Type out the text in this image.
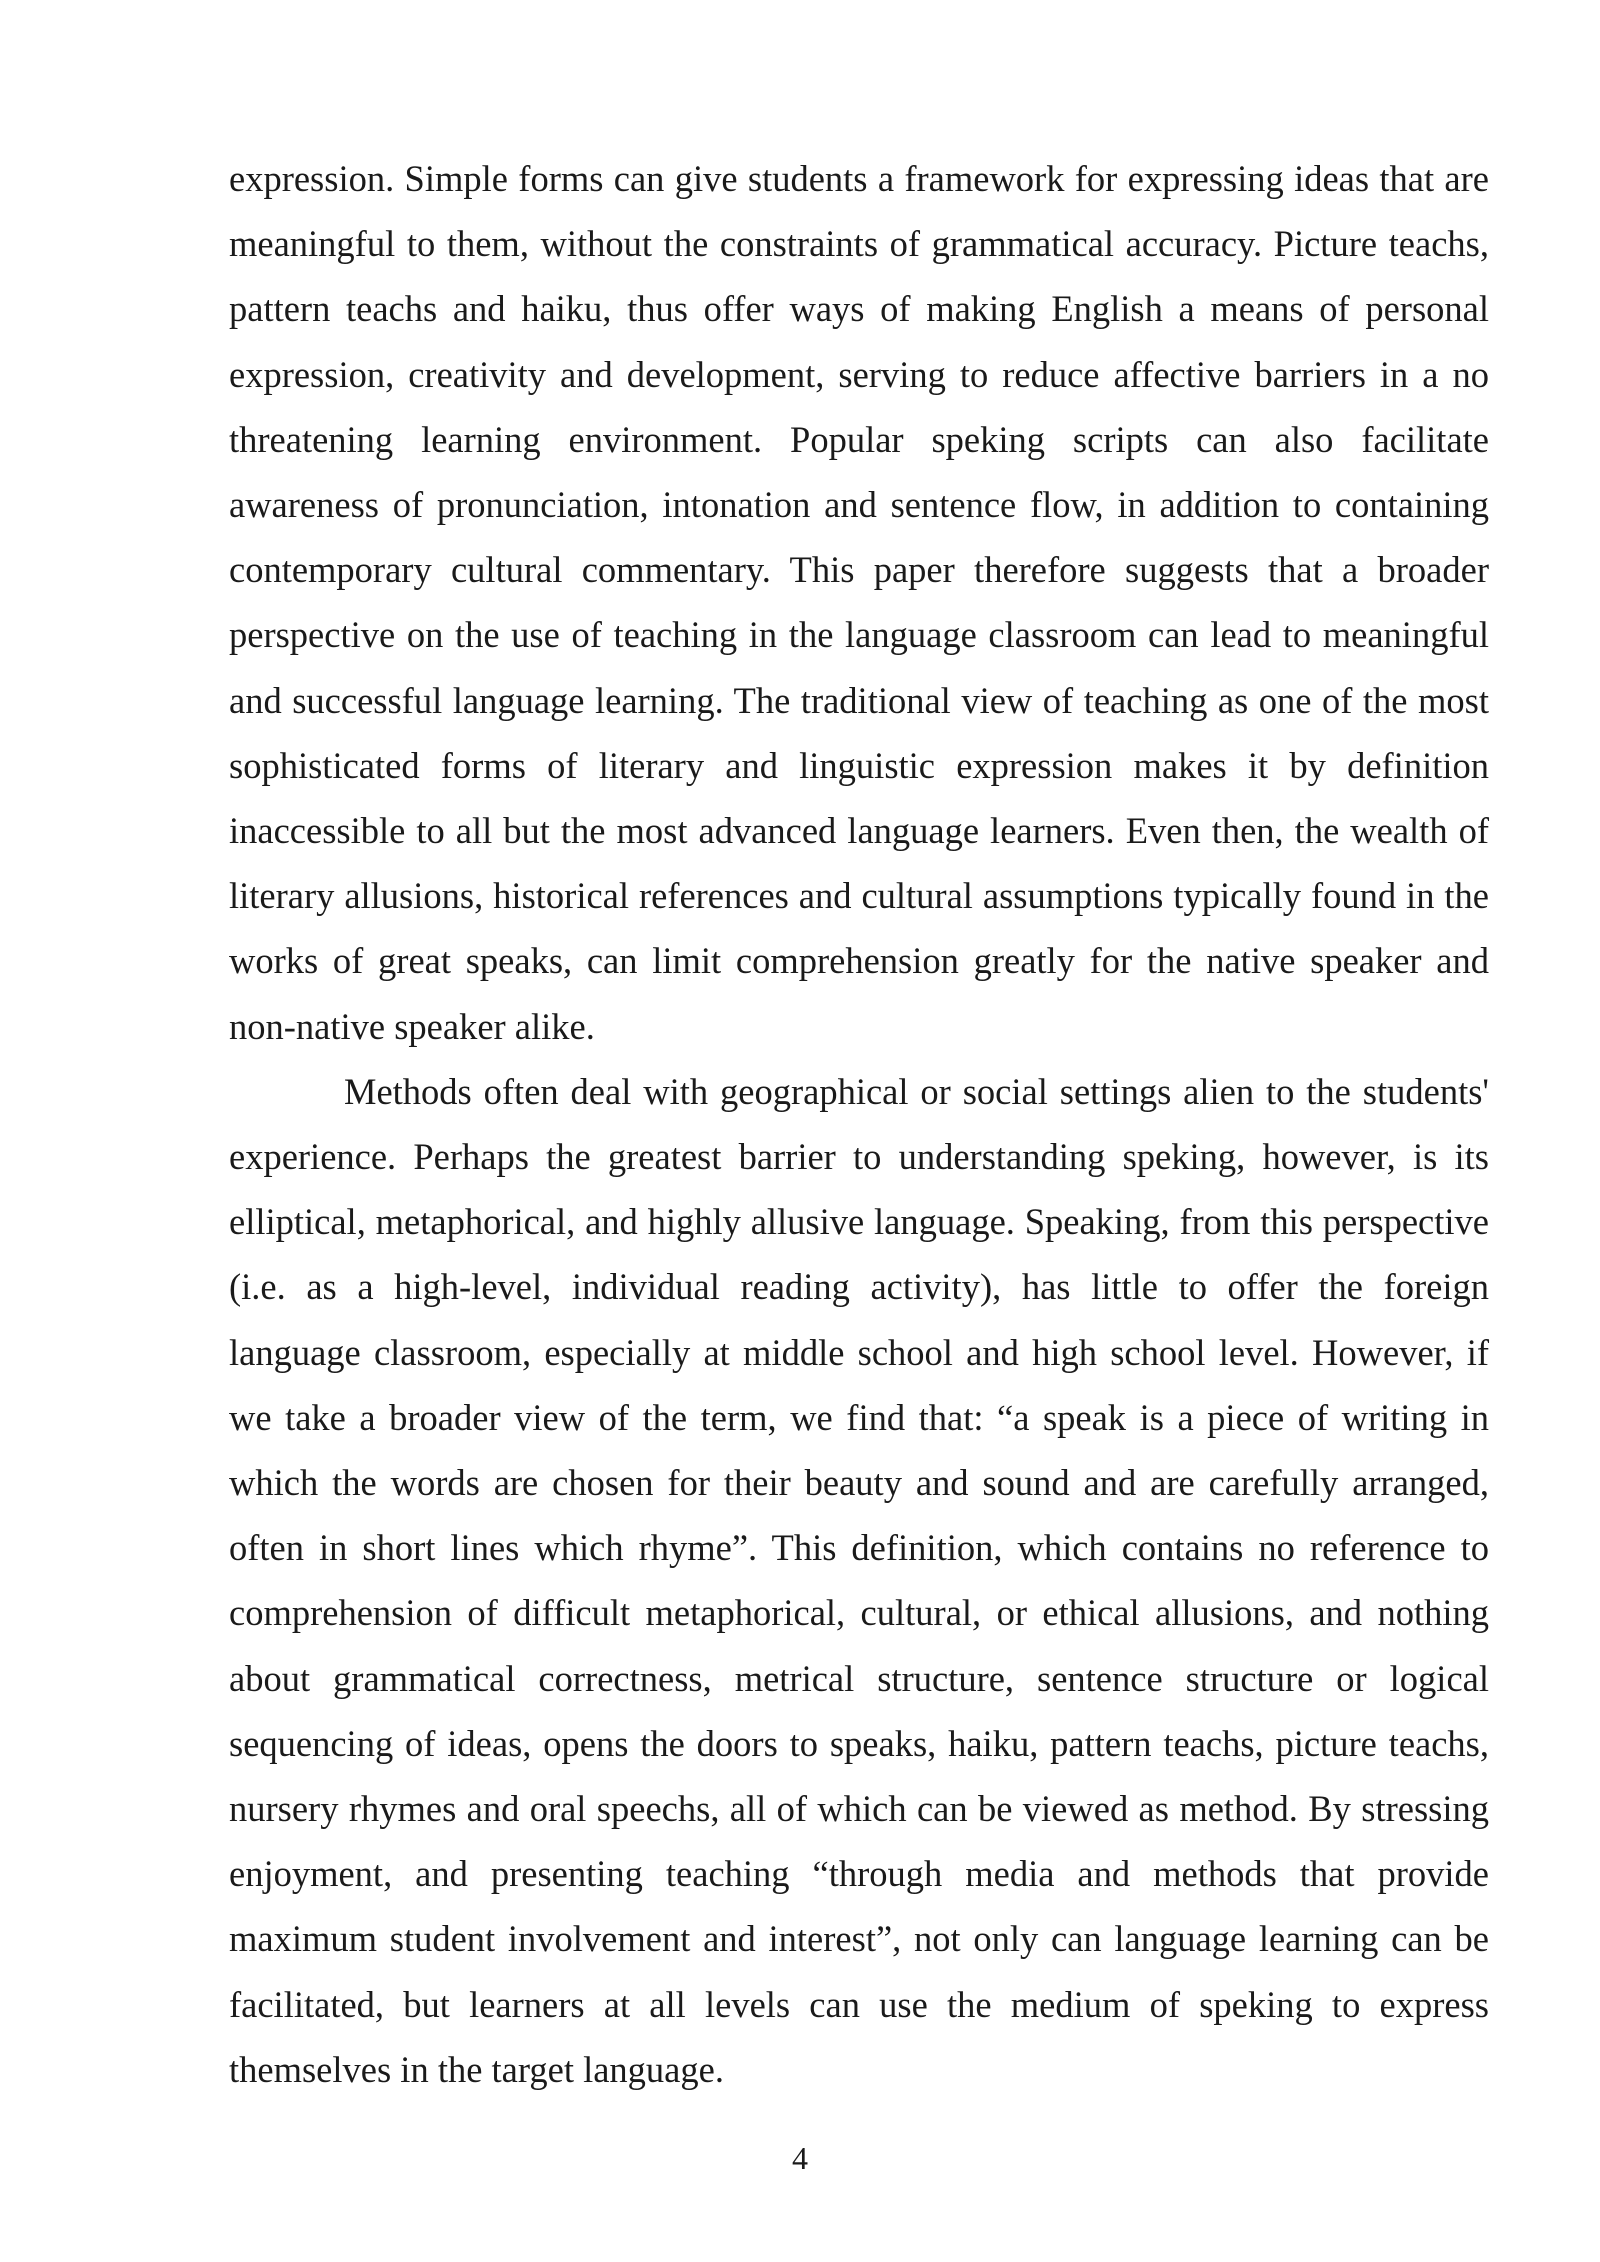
expression. Simple forms can give students a framework for expressing ideas that are meaningful to them, without the constraints of grammatical accuracy. Picture teachs, pattern teachs and haiku, thus offer ways of making English a means of personal expression, creativity and development, serving to reduce affective barriers in a no threatening learning environment. Popular speking scripts can also facilitate awareness of pronunciation, intonation and sentence flow, in addition to containing contemporary cultural commentary. This paper therefore suggests that a broader perspective on the use of teaching in the language classroom can lead to meaningful and successful language learning. The traditional view of teaching as one of the most sophisticated forms of literary and linguistic expression makes it by definition inaccessible to all but the most advanced language learners. Even then, the wealth of literary allusions, historical references and cultural assumptions typically found in the works of great speaks, can limit comprehension greatly for the native speaker and non-native speaker alike.

Methods often deal with geographical or social settings alien to the students' experience. Perhaps the greatest barrier to understanding speking, however, is its elliptical, metaphorical, and highly allusive language. Speaking, from this perspective (i.e. as a high-level, individual reading activity), has little to offer the foreign language classroom, especially at middle school and high school level. However, if we take a broader view of the term, we find that: “a speak is a piece of writing in which the words are chosen for their beauty and sound and are carefully arranged, often in short lines which rhyme”. This definition, which contains no reference to comprehension of difficult metaphorical, cultural, or ethical allusions, and nothing about grammatical correctness, metrical structure, sentence structure or logical sequencing of ideas, opens the doors to speaks, haiku, pattern teachs, picture teachs, nursery rhymes and oral speechs, all of which can be viewed as method. By stressing enjoyment, and presenting teaching “through media and methods that provide maximum student involvement and interest”, not only can language learning can be facilitated, but learners at all levels can use the medium of speking to express themselves in the target language.

4
